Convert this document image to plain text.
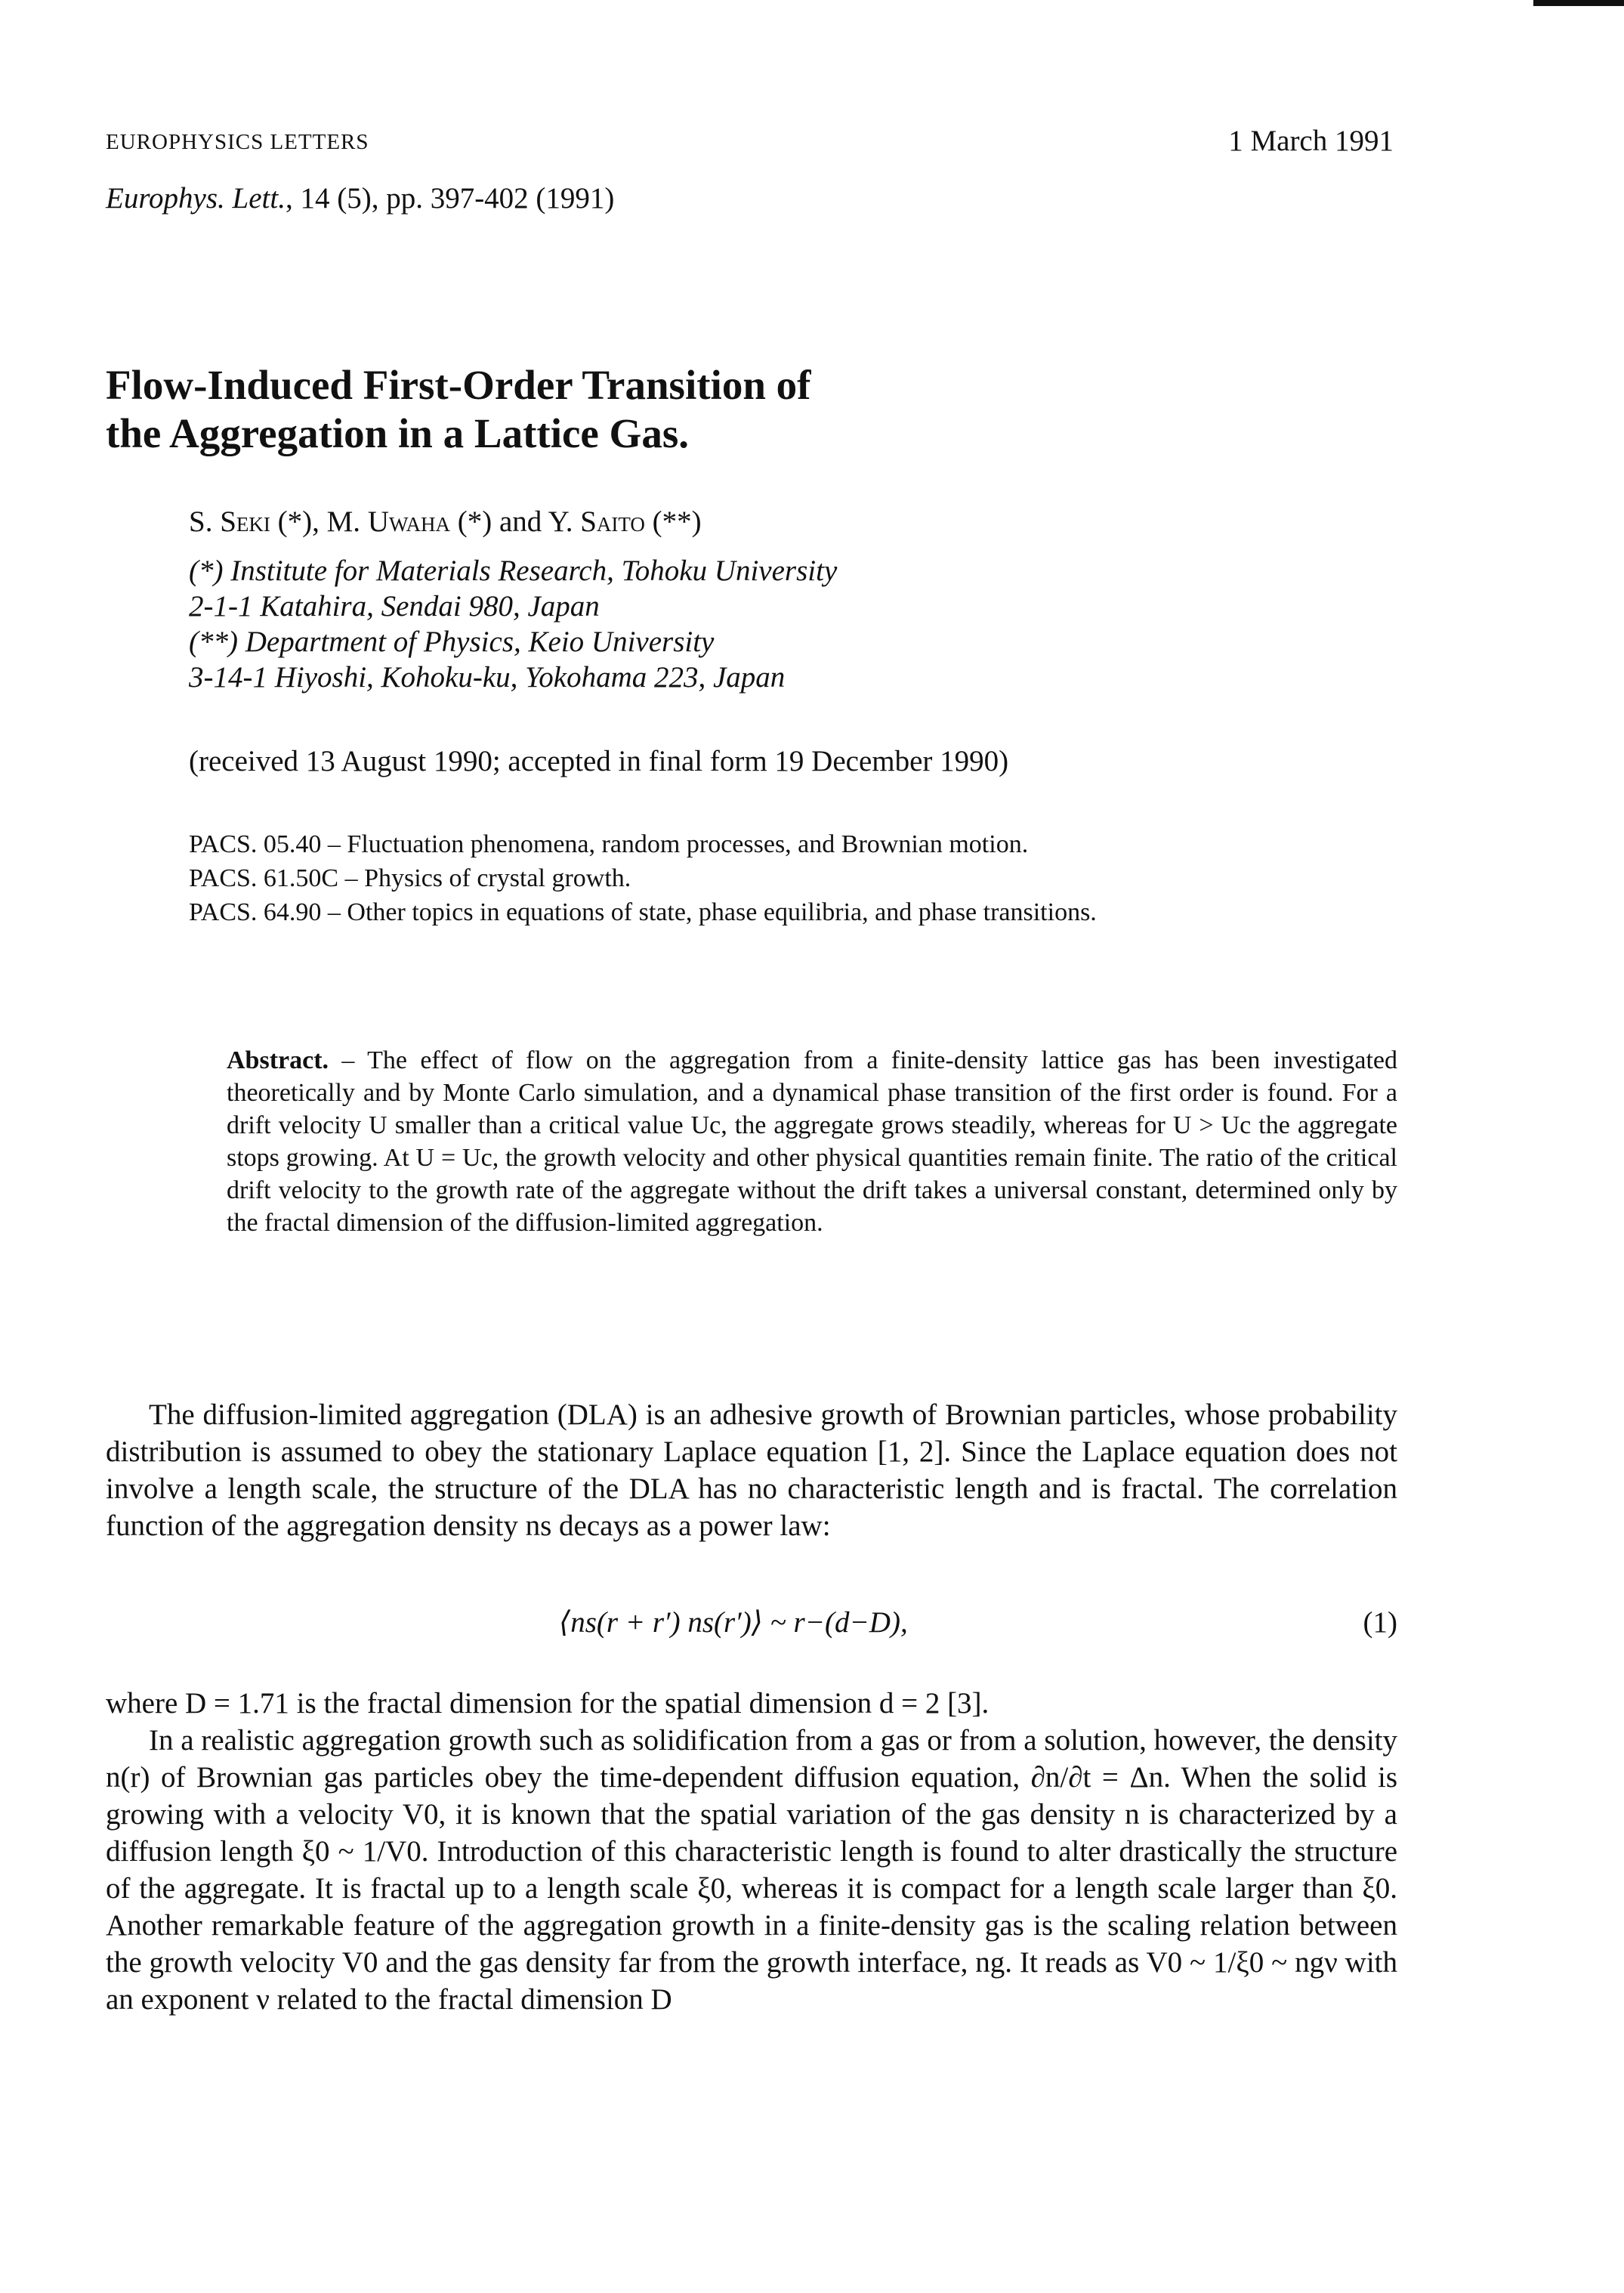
EUROPHYSICS LETTERS	1 March 1991
Europhys. Lett., 14 (5), pp. 397-402 (1991)
Flow-Induced First-Order Transition of
the Aggregation in a Lattice Gas.
S. Seki (*), M. Uwaha (*) and Y. Saito (**)
(*) Institute for Materials Research, Tohoku University
2-1-1 Katahira, Sendai 980, Japan
(**) Department of Physics, Keio University
3-14-1 Hiyoshi, Kohoku-ku, Yokohama 223, Japan
(received 13 August 1990; accepted in final form 19 December 1990)
PACS. 05.40 – Fluctuation phenomena, random processes, and Brownian motion.
PACS. 61.50C – Physics of crystal growth.
PACS. 64.90 – Other topics in equations of state, phase equilibria, and phase transitions.
Abstract. – The effect of flow on the aggregation from a finite-density lattice gas has been investigated theoretically and by Monte Carlo simulation, and a dynamical phase transition of the first order is found. For a drift velocity U smaller than a critical value Uc, the aggregate grows steadily, whereas for U > Uc the aggregate stops growing. At U = Uc, the growth velocity and other physical quantities remain finite. The ratio of the critical drift velocity to the growth rate of the aggregate without the drift takes a universal constant, determined only by the fractal dimension of the diffusion-limited aggregation.
The diffusion-limited aggregation (DLA) is an adhesive growth of Brownian particles, whose probability distribution is assumed to obey the stationary Laplace equation [1, 2]. Since the Laplace equation does not involve a length scale, the structure of the DLA has no characteristic length and is fractal. The correlation function of the aggregation density ns decays as a power law:
⟨ns(r + r′) ns(r′)⟩ ~ r−(d−D),	(1)
where D = 1.71 is the fractal dimension for the spatial dimension d = 2 [3].
In a realistic aggregation growth such as solidification from a gas or from a solution, however, the density n(r) of Brownian gas particles obey the time-dependent diffusion equation, ∂n/∂t = Δn. When the solid is growing with a velocity V0, it is known that the spatial variation of the gas density n is characterized by a diffusion length ξ0 ~ 1/V0. Introduction of this characteristic length is found to alter drastically the structure of the aggregate. It is fractal up to a length scale ξ0, whereas it is compact for a length scale larger than ξ0. Another remarkable feature of the aggregation growth in a finite-density gas is the scaling relation between the growth velocity V0 and the gas density far from the growth interface, ng. It reads as V0 ~ 1/ξ0 ~ ngν with an exponent ν related to the fractal dimension D
